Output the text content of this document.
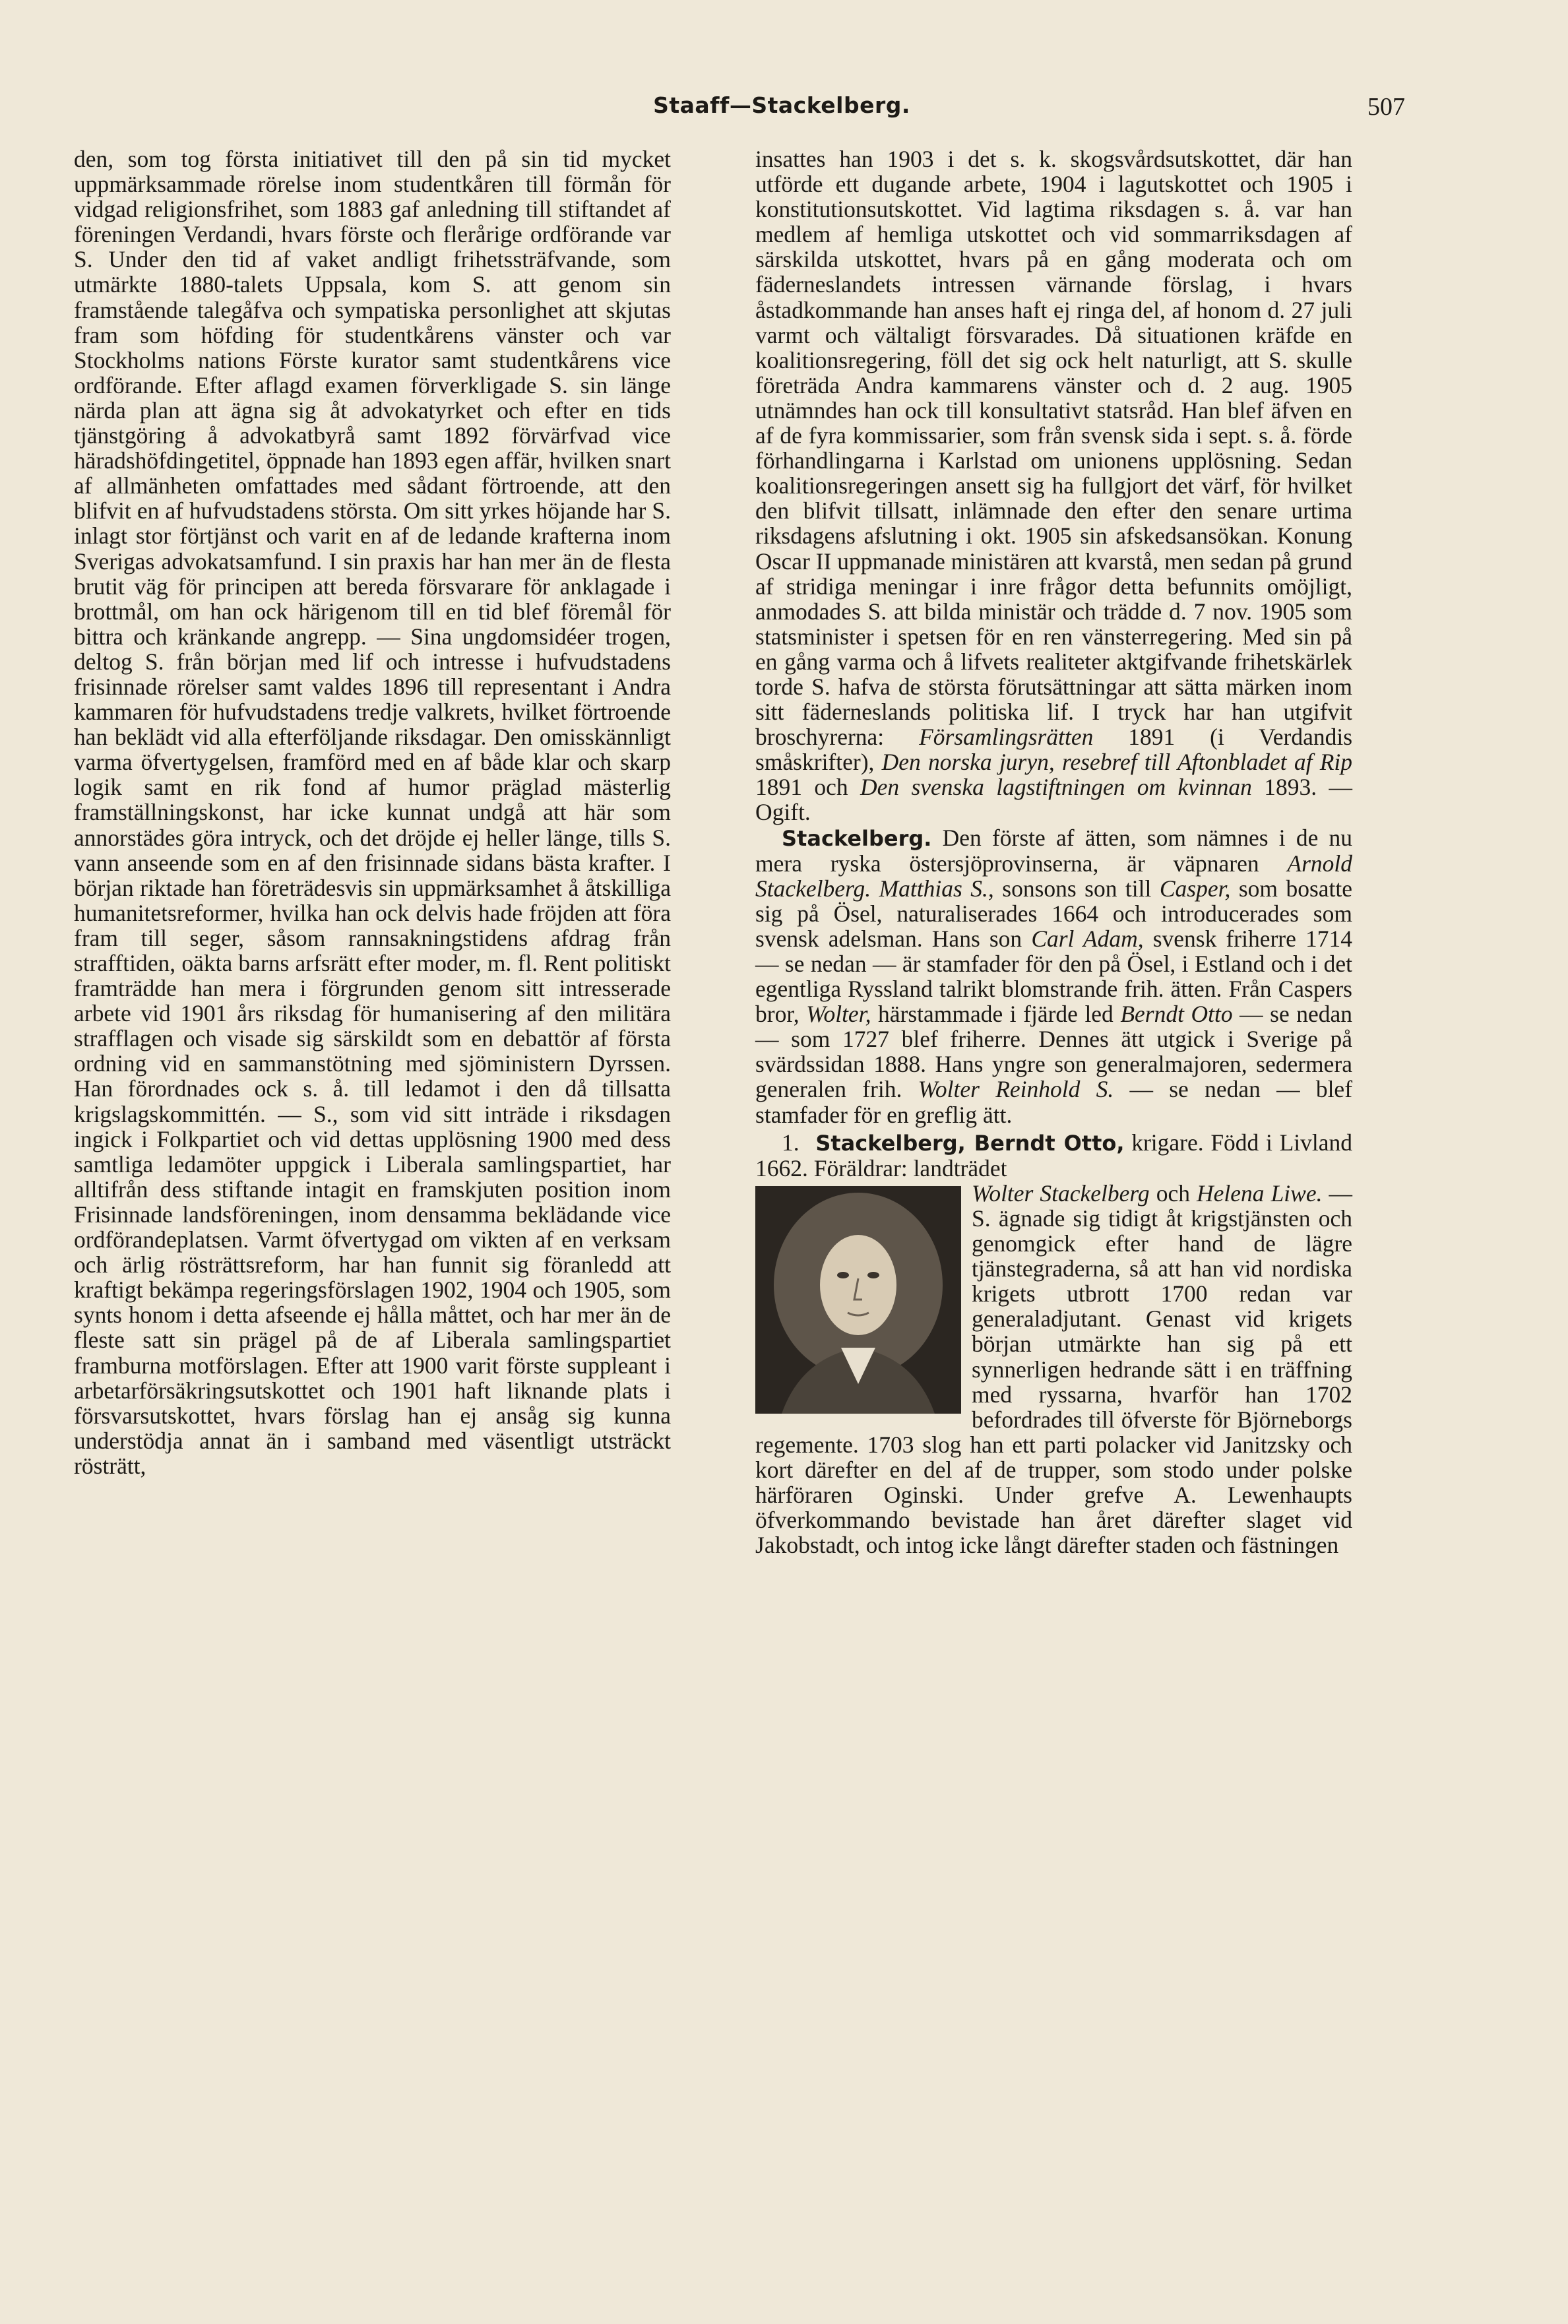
Staaff—Stackelberg.	507

den, som tog första initiativet till den på sin tid mycket uppmärksammade rörelse inom studentkåren till förmån för vidgad religionsfrihet, som 1883 gaf anledning till stiftandet af föreningen Verdandi, hvars förste och flerårige ordförande var S. Under den tid af vaket andligt frihetssträfvande, som utmärkte 1880-talets Uppsala, kom S. att genom sin framstående talegåfva och sympatiska personlighet att skjutas fram som höfding för studentkårens vänster och var Stockholms nations Förste kurator samt studentkårens vice ordförande. Efter aflagd examen förverkligade S. sin länge närda plan att ägna sig åt advokatyrket och efter en tids tjänstgöring å advokatbyrå samt 1892 förvärfvad vice häradshöfdingetitel, öppnade han 1893 egen affär, hvilken snart af allmänheten omfattades med sådant förtroende, att den blifvit en af hufvudstadens största. Om sitt yrkes höjande har S. inlagt stor förtjänst och varit en af de ledande krafterna inom Sverigas advokatsamfund. I sin praxis har han mer än de flesta brutit väg för principen att bereda försvarare för anklagade i brottmål, om han ock härigenom till en tid blef föremål för bittra och kränkande angrepp. — Sina ungdomsidéer trogen, deltog S. från början med lif och intresse i hufvudstadens frisinnade rörelser samt valdes 1896 till representant i Andra kammaren för hufvudstadens tredje valkrets, hvilket förtroende han beklädt vid alla efterföljande riksdagar. Den omisskännligt varma öfvertygelsen, framförd med en af både klar och skarp logik samt en rik fond af humor präglad mästerlig framställningskonst, har icke kunnat undgå att här som annorstädes göra intryck, och det dröjde ej heller länge, tills S. vann anseende som en af den frisinnade sidans bästa krafter. I början riktade han företrädesvis sin uppmärksamhet å åtskilliga humanitetsreformer, hvilka han ock delvis hade fröjden att föra fram till seger, såsom rannsakningstidens afdrag från strafftiden, oäkta barns arfsrätt efter moder, m. fl. Rent politiskt framträdde han mera i förgrunden genom sitt intresserade arbete vid 1901 års riksdag för humanisering af den militära strafflagen och visade sig särskildt som en debattör af första ordning vid en sammanstötning med sjöministern Dyrssen. Han förordnades ock s. å. till ledamot i den då tillsatta krigslagskommittén. — S., som vid sitt inträde i riksdagen ingick i Folkpartiet och vid dettas upplösning 1900 med dess samtliga ledamöter uppgick i Liberala samlingspartiet, har alltifrån dess stiftande intagit en framskjuten position inom Frisinnade landsföreningen, inom densamma beklädande vice ordförandeplatsen. Varmt öfvertygad om vikten af en verksam och ärlig rösträttsreform, har han funnit sig föranledd att kraftigt bekämpa regeringsförslagen 1902, 1904 och 1905, som synts honom i detta afseende ej hålla måttet, och har mer än de fleste satt sin prägel på de af Liberala samlingspartiet framburna motförslagen. Efter att 1900 varit förste suppleant i arbetarförsäkringsutskottet och 1901 haft liknande plats i försvarsutskottet, hvars förslag han ej ansåg sig kunna understödja annat än i samband med väsentligt utsträckt rösträtt,

insattes han 1903 i det s. k. skogsvårdsutskottet, där han utförde ett dugande arbete, 1904 i lagutskottet och 1905 i konstitutionsutskottet. Vid lagtima riksdagen s. å. var han medlem af hemliga utskottet och vid sommarriksdagen af särskilda utskottet, hvars på en gång moderata och om fäderneslandets intressen värnande förslag, i hvars åstadkommande han anses haft ej ringa del, af honom d. 27 juli varmt och vältaligt försvarades. Då situationen kräfde en koalitionsregering, föll det sig ock helt naturligt, att S. skulle företräda Andra kammarens vänster och d. 2 aug. 1905 utnämndes han ock till konsultativt statsråd. Han blef äfven en af de fyra kommissarier, som från svensk sida i sept. s. å. förde förhandlingarna i Karlstad om unionens upplösning. Sedan koalitionsregeringen ansett sig ha fullgjort det värf, för hvilket den blifvit tillsatt, inlämnade den efter den senare urtima riksdagens afslutning i okt. 1905 sin afskedsansökan. Konung Oscar II uppmanade ministären att kvarstå, men sedan på grund af stridiga meningar i inre frågor detta befunnits omöjligt, anmodades S. att bilda ministär och trädde d. 7 nov. 1905 som statsminister i spetsen för en ren vänsterregering. Med sin på en gång varma och å lifvets realiteter aktgifvande frihetskärlek torde S. hafva de största förutsättningar att sätta märken inom sitt fäderneslands politiska lif. I tryck har han utgifvit broschyrerna: Församlingsrätten 1891 (i Verdandis småskrifter), Den norska juryn, resebref till Aftonbladet af Rip 1891 och Den svenska lagstiftningen om kvinnan 1893. — Ogift.

Stackelberg. Den förste af ätten, som nämnes i de nu mera ryska östersjöprovinserna, är väpnaren Arnold Stackelberg. Matthias S., sonsons son till Casper, som bosatte sig på Ösel, naturaliserades 1664 och introducerades som svensk adelsman. Hans son Carl Adam, svensk friherre 1714 — se nedan — är stamfader för den på Ösel, i Estland och i det egentliga Ryssland talrikt blomstrande frih. ätten. Från Caspers bror, Wolter, härstammade i fjärde led Berndt Otto — se nedan — som 1727 blef friherre. Dennes ätt utgick i Sverige på svärdssidan 1888. Hans yngre son generalmajoren, sedermera generalen frih. Wolter Reinhold S. — se nedan — blef stamfader för en greflig ätt.

1. Stackelberg, Berndt Otto, krigare. Född i Livland 1662. Föräldrar: landträdet

Wolter Stackelberg och Helena Liwe. — S. ägnade sig tidigt åt krigstjänsten och genomgick efter hand de lägre tjänstegraderna, så att han vid nordiska krigets utbrott 1700 redan var generaladjutant. Genast vid krigets början utmärkte han sig på ett synnerligen hedrande sätt i en träffning med ryssarna, hvarför han 1702 befordrades till öfverste för Björneborgs regemente. 1703 slog han ett parti polacker vid Janitzsky och kort därefter en del af de trupper, som stodo under polske härföraren Oginski. Under grefve A. Lewenhaupts öfverkommando bevistade han året därefter slaget vid Jakobstadt, och intog icke långt därefter staden och fästningen
